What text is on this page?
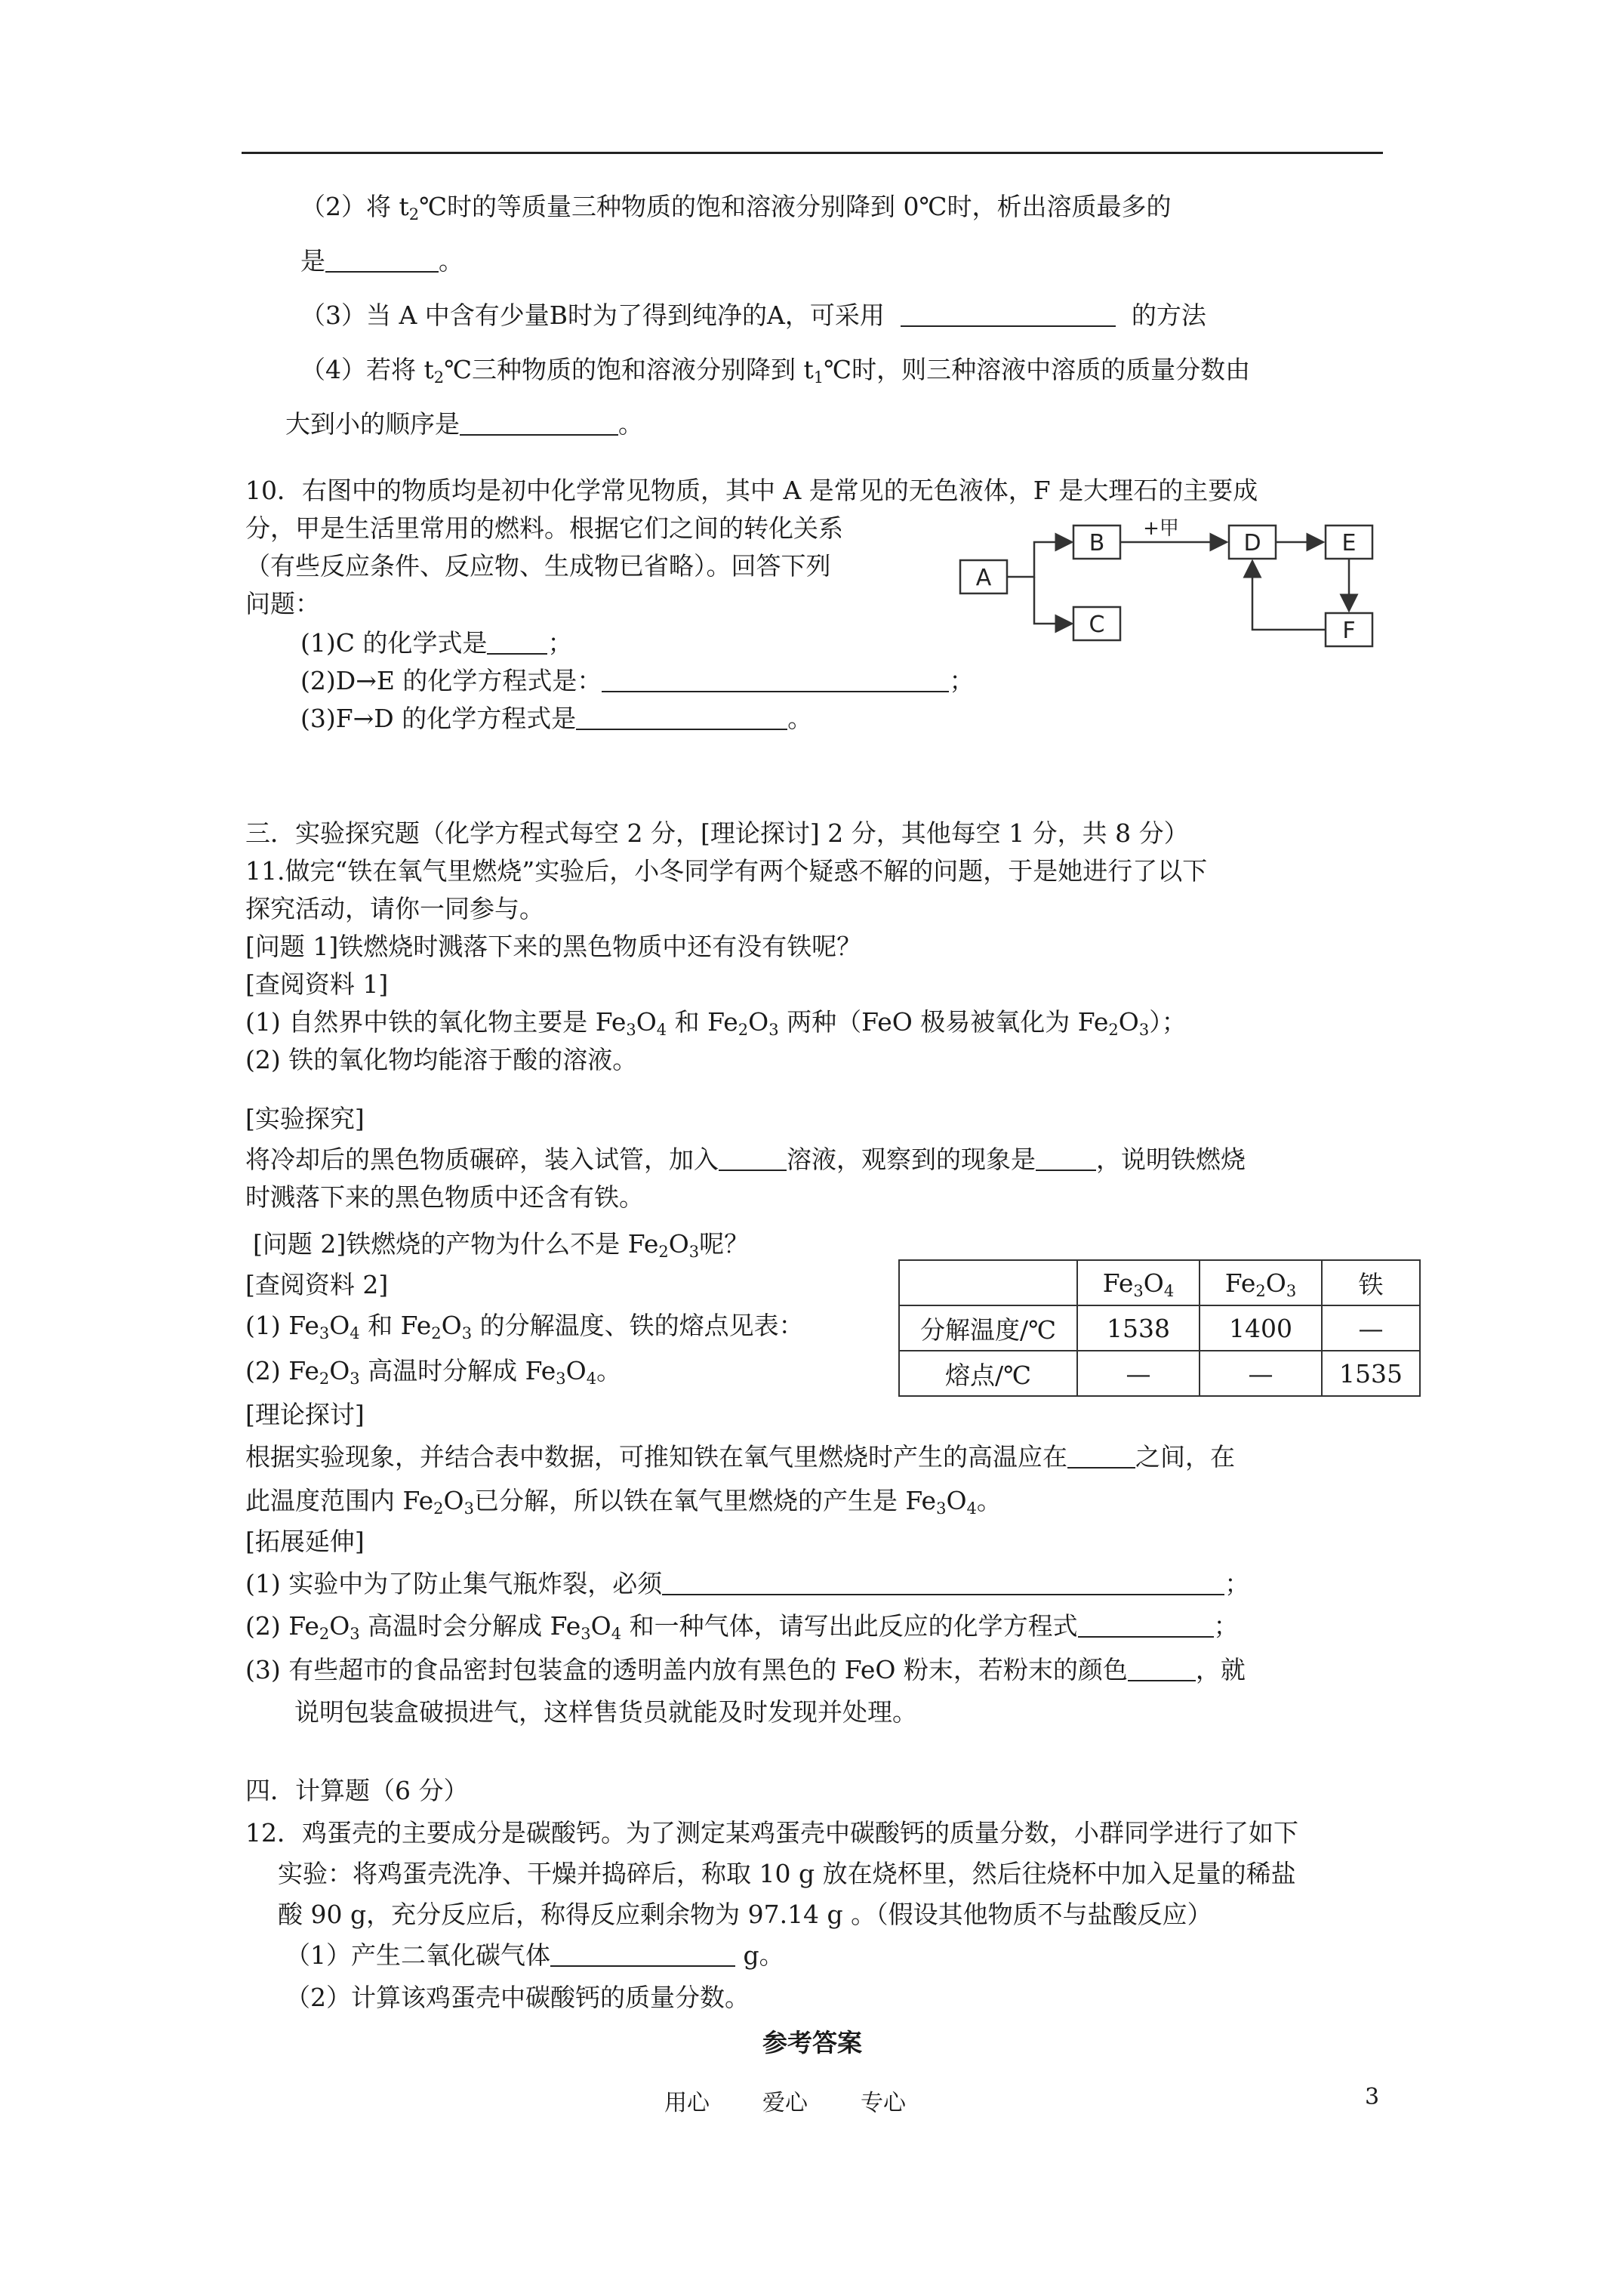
（2）将 $t_2℃$时的等质量三种物质的饱和溶液分别降到 0℃时，析出溶质最多的
是	。
（3）当 A 中含有少量B时为了得到纯净的A，可采用	的方法
（4）若将 $t_2℃$三种物质的饱和溶液分别降到 $t_1℃$时，则三种溶液中溶质的质量分数由
大到小的顺序是	。
10．右图中的物质均是初中化学常见物质，其中 A 是常见的无色液体，F 是大理石的主要成
分，甲是生活里常用的燃料。根据它们之间的转化关系
（有些反应条件、反应物、生成物已省略）。回答下列
问题：
(1)C 的化学式是 ；
(2)D→E 的化学方程式是：	；
(3)F→D 的化学方程式是	。
A
B
C
D	E
F
+甲
三．实验探究题（化学方程式每空 2 分，[理论探讨] 2 分，其他每空 1 分，共 8 分）
11.做完“铁在氧气里燃烧”实验后，小冬同学有两个疑惑不解的问题，于是她进行了以下
探究活动，请你一同参与。
[问题 1]铁燃烧时溅落下来的黑色物质中还有没有铁呢？
[查阅资料 1]
(1) 自然界中铁的氧化物主要是 $Fe_3O_4$ 和 $Fe_2O_3$ 两种（FeO 极易被氧化为 $Fe_2O_3$）；
(2) 铁的氧化物均能溶于酸的溶液。
[实验探究]
将冷却后的黑色物质碾碎，装入试管，加入	溶液，观察到的现象是 ，说明铁燃烧
时溅落下来的黑色物质中还含有铁。
[问题 2]铁燃烧的产物为什么不是 $Fe_2O_3$呢？
[查阅资料 2]
(1) $Fe_3O_4$ 和 $Fe_2O_3$ 的分解温度、铁的熔点见表：
(2) $Fe_2O_3$ 高温时分解成 $Fe_3O_4$。
	$Fe_3O_4$	$Fe_2O_3$	铁
分解温度/℃	1538	1400	—
熔点/℃	—	—	1535
[理论探讨]
根据实验现象，并结合表中数据，可推知铁在氧气里燃烧时产生的高温应在	之间，在
此温度范围内 $Fe_2O_3$已分解，所以铁在氧气里燃烧的产生是 $Fe_3O_4$。
[拓展延伸]
(1) 实验中为了防止集气瓶炸裂，必须	；
(2) $Fe_2O_3$ 高温时会分解成 $Fe_3O_4$ 和一种气体，请写出此反应的化学方程式	；
(3) 有些超市的食品密封包装盒的透明盖内放有黑色的 FeO 粉末，若粉末的颜色	，就
说明包装盒破损进气，这样售货员就能及时发现并处理。
四．计算题（6 分）
12．鸡蛋壳的主要成分是碳酸钙。为了测定某鸡蛋壳中碳酸钙的质量分数，小群同学进行了如下
实验：将鸡蛋壳洗净、干燥并捣碎后，称取 10 g 放在烧杯里，然后往烧杯中加入足量的稀盐
酸 90 g，充分反应后，称得反应剩余物为 97.14 g 。（假设其他物质不与盐酸反应）
（1）产生二氧化碳气体	g。
（2）计算该鸡蛋壳中碳酸钙的质量分数。
参考答案
用心 爱心 专心	3
